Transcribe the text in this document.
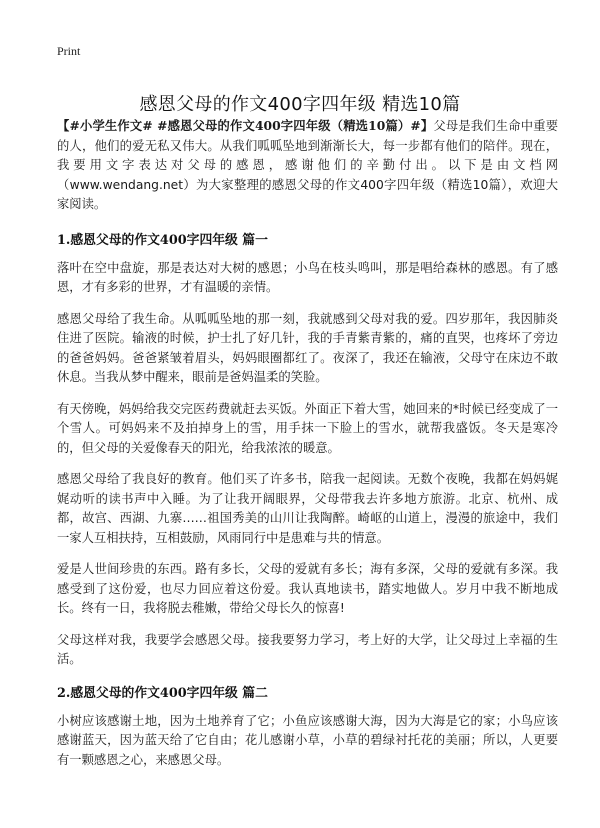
Print
感恩父母的作文400字四年级 精选10篇

【#小学生作文# #感恩父母的作文400字四年级（精选10篇）#】父母是我们生命中重要的人，他们的爱无私又伟大。从我们呱呱坠地到渐渐长大，每一步都有他们的陪伴。现在，我要用文字表达对父母的感恩，感谢他们的辛勤付出。以下是由文档网（www.wendang.net）为大家整理的感恩父母的作文400字四年级（精选10篇），欢迎大家阅读。

1.感恩父母的作文400字四年级 篇一

落叶在空中盘旋，那是表达对大树的感恩；小鸟在枝头鸣叫，那是唱给森林的感恩。有了感恩，才有多彩的世界，才有温暖的亲情。

感恩父母给了我生命。从呱呱坠地的那一刻，我就感到父母对我的爱。四岁那年，我因肺炎住进了医院。输液的时候，护士扎了好几针，我的手青紫青紫的，痛的直哭，也疼坏了旁边的爸爸妈妈。爸爸紧皱着眉头，妈妈眼圈都红了。夜深了，我还在输液，父母守在床边不敢休息。当我从梦中醒来，眼前是爸妈温柔的笑脸。

有天傍晚，妈妈给我交完医药费就赶去买饭。外面正下着大雪，她回来的*时候已经变成了一个雪人。可妈妈来不及拍掉身上的雪，用手抹一下脸上的雪水，就帮我盛饭。冬天是寒冷的，但父母的关爱像春天的阳光，给我浓浓的暖意。

感恩父母给了我良好的教育。他们买了许多书，陪我一起阅读。无数个夜晚，我都在妈妈娓娓动听的读书声中入睡。为了让我开阔眼界，父母带我去许多地方旅游。北京、杭州、成都，故宫、西湖、九寨……祖国秀美的山川让我陶醉。崎岖的山道上，漫漫的旅途中，我们一家人互相扶持，互相鼓励，风雨同行中是患难与共的情意。

爱是人世间珍贵的东西。路有多长，父母的爱就有多长；海有多深，父母的爱就有多深。我感受到了这份爱，也尽力回应着这份爱。我认真地读书，踏实地做人。岁月中我不断地成长。终有一日，我将脱去稚嫩，带给父母长久的惊喜!

父母这样对我，我要学会感恩父母。接我要努力学习，考上好的大学，让父母过上幸福的生活。

2.感恩父母的作文400字四年级 篇二

小树应该感谢土地，因为土地养育了它；小鱼应该感谢大海，因为大海是它的家；小鸟应该感谢蓝天，因为蓝天给了它自由；花儿感谢小草，小草的碧绿衬托花的美丽；所以，人更要有一颗感恩之心，来感恩父母。
